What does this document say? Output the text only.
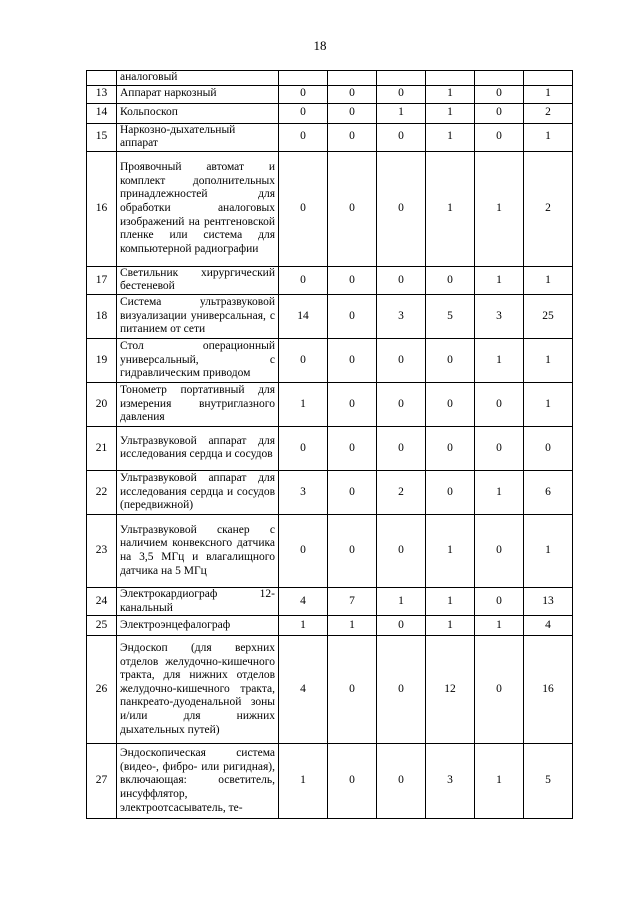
18
	аналоговый						
13	Аппарат наркозный	0	0	0	1	0	1
14	Кольпоскоп	0	0	1	1	0	2
15	Наркозно-дыхательный аппарат	0	0	0	1	0	1
16	Проявочный автомат и комплект дополнительных принадлежностей для обработки аналоговых изображений на рентгеновской пленке или система для компьютерной радиографии	0	0	0	1	1	2
17	Светильник хирургический бестеневой	0	0	0	0	1	1
18	Система ультразвуковой визуализации универсальная, с питанием от сети	14	0	3	5	3	25
19	Стол операционный универсальный, с гидравлическим приводом	0	0	0	0	1	1
20	Тонометр портативный для измерения внутриглазного давления	1	0	0	0	0	1
21	Ультразвуковой аппарат для исследования сердца и сосудов	0	0	0	0	0	0
22	Ультразвуковой аппарат для исследования сердца и сосудов (передвижной)	3	0	2	0	1	6
23	Ультразвуковой сканер с наличием конвексного датчика на 3,5 МГц и влагалищного датчика на 5 МГц	0	0	0	1	0	1
24	Электрокардиограф 12-канальный	4	7	1	1	0	13
25	Электроэнцефалограф	1	1	0	1	1	4
26	Эндоскоп (для верхних отделов желудочно-кишечного тракта, для нижних отделов желудочно-кишечного тракта, панкреато-дуоденальной зоны и/или для нижних дыхательных путей)	4	0	0	12	0	16
27	Эндоскопическая система (видео-, фибро- или ригидная), включающая: осветитель, инсуффлятор, электроотсасыватель, те-	1	0	0	3	1	5
